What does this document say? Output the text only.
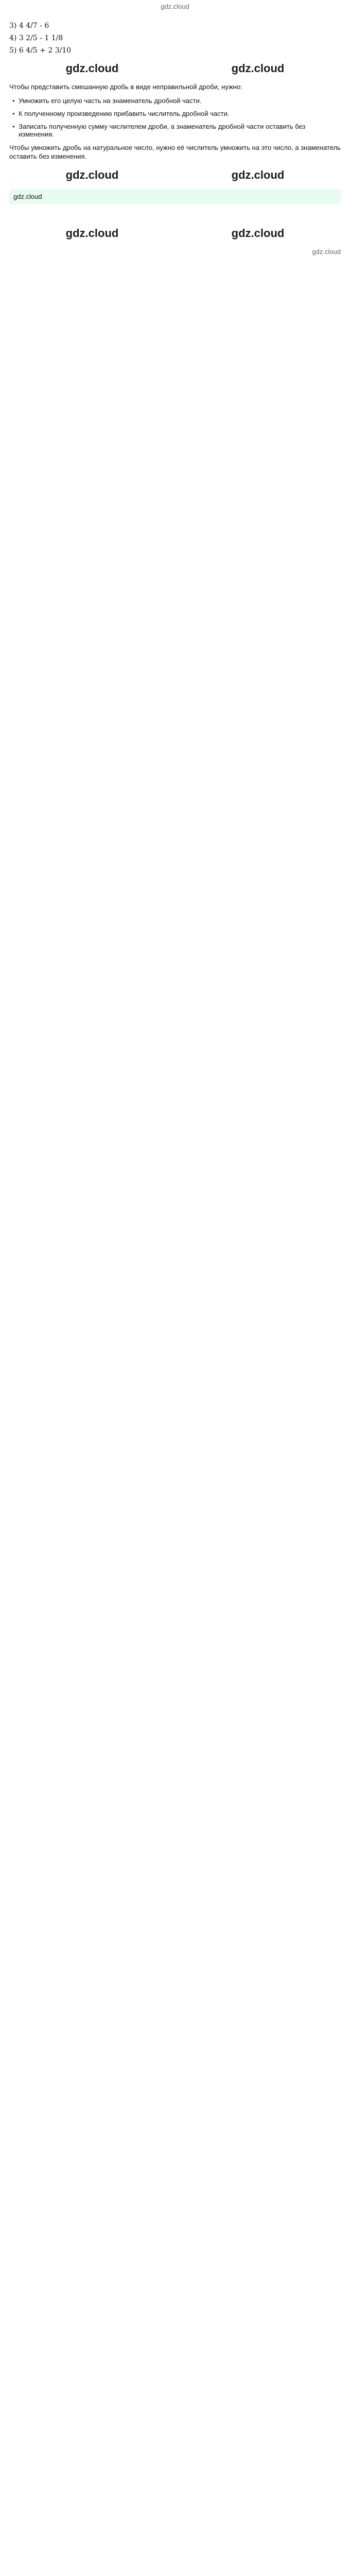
gdz.cloud
3) 4 4/7 - 6
4) 3 2/5 - 1 1/8
5) 6 4/5 + 2 3/10
gdz.cloud	gdz.cloud
Чтобы представить смешанную дробь в виде неправильной дроби, нужно:
• Умножить его целую часть на знаменатель дробной части.
• К полученному произведению прибавить числитель дробной части.
• Записать полученную сумму числителем дроби, а знаменатель дробной части оставить без изменения.
Чтобы умножить дробь на натуральное число, нужно её числитель умножить на это число, а знаменатель оставить без изменения.
gdz.cloud	gdz.cloud
gdz.cloud
gdz.cloud	gdz.cloud
gdz.cloud
